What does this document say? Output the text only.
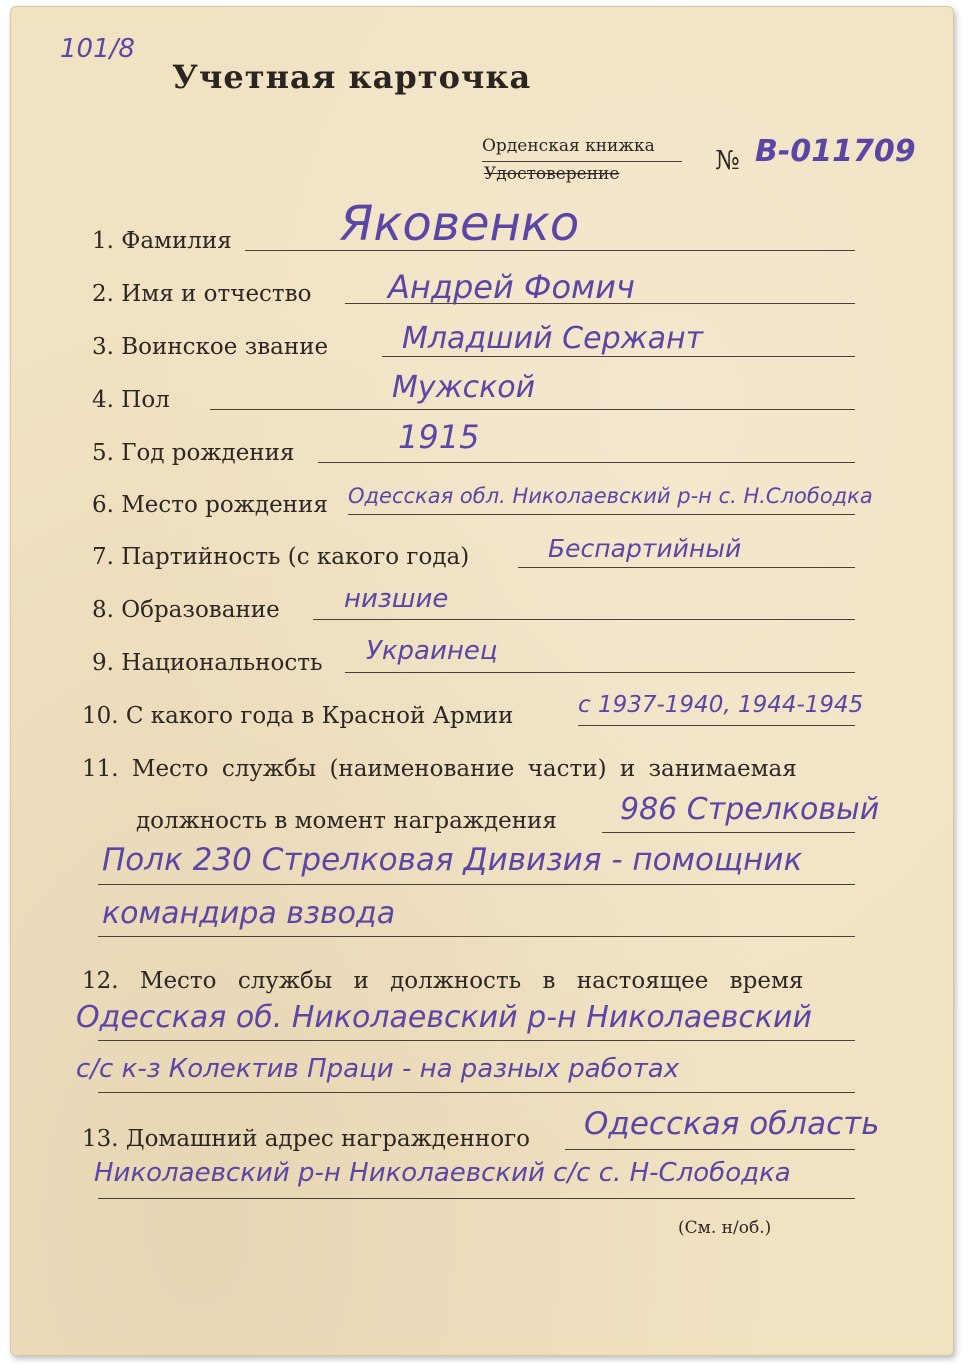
101/8
Учетная карточка
Орденская книжка
Удостоверение	№ В-011709
1. Фамилия Яковенко
2. Имя и отчество Андрей Фомич
3. Воинское звание Младший Сержант
4. Пол	Мужской
5. Год рождения	1915
6. Место рождения Одесская обл. Николаевский р-н с. Н.Слободка
7. Партийность (с какого года)	Беспартийный
8. Образование низшие
9. Национальность Украинец
10. С какого года в Красной Армии	с 1937-1940, 1944-1945
11. Место службы (наименование части) и занимаемая
должность в момент награждения 986 Стрелковый
Полк 230 Стрелковая Дивизия - помощник
командира взвода
12. Место службы и должность в настоящее время
Одесская об. Николаевский р-н Николаевский
с/с к-з Колектив Праци - на разных работах
13. Домашний адрес награжденного Одесская область
Николаевский р-н Николаевский с/с с. Н-Слободка
(См. н/об.)
